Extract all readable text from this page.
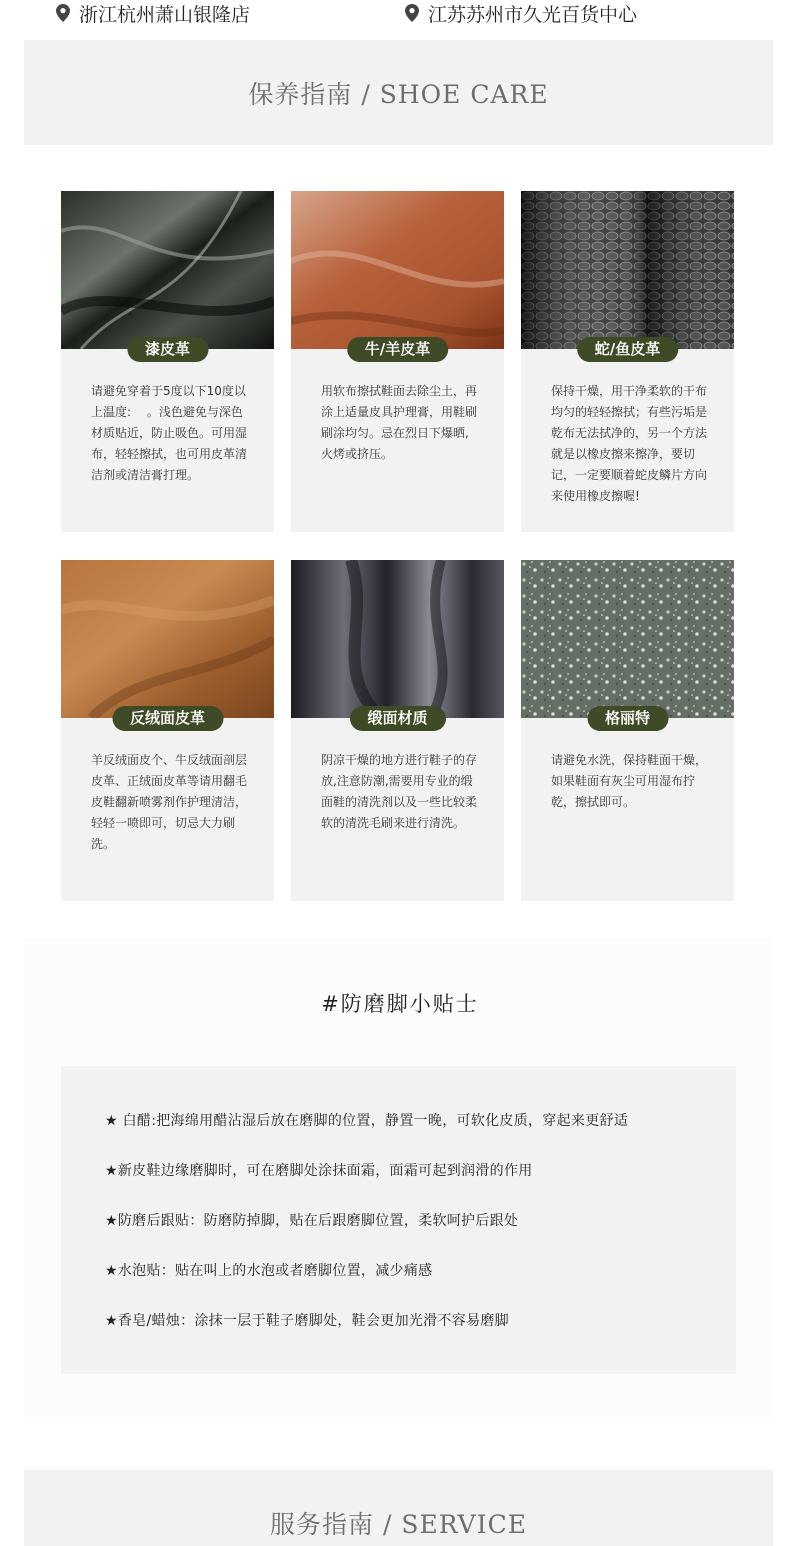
浙江杭州萧山银隆店	江苏苏州市久光百货中心
保养指南 / SHOE CARE
漆皮革
请避免穿着于5度以下10度以上温度:　 。浅色避免与深色材质贴近，防止吸色。可用湿布，轻轻擦拭，也可用皮革清洁剂或清洁膏打理。
牛/羊皮革
用软布擦拭鞋面去除尘土，再涂上适量皮具护理膏，用鞋刷刷涂均匀。忌在烈日下爆晒,火烤或挤压。
蛇/鱼皮革
保持干燥，用干净柔软的干布均匀的轻轻擦拭；有些污垢是乾布无法拭净的，另一个方法就是以橡皮擦来擦净，要切记，一定要顺着蛇皮鳞片方向来使用橡皮擦喔!
反绒面皮革
羊反绒面皮个、牛反绒面剖层皮革、正绒面皮革等请用翻毛皮鞋翻新喷雾剂作护理清洁，轻轻一喷即可，切忌大力刷洗。
缎面材质
阴凉干燥的地方进行鞋子的存放,注意防潮,需要用专业的缎面鞋的清洗剂以及一些比较柔软的清洗毛刷来进行清洗。
格丽特
请避免水洗，保持鞋面干燥，如果鞋面有灰尘可用湿布拧乾，擦拭即可。
#防磨脚小贴士
★ 白醋:把海绵用醋沾湿后放在磨脚的位置，静置一晚，可软化皮质，穿起来更舒适
★新皮鞋边缘磨脚时，可在磨脚处涂抹面霜，面霜可起到润滑的作用
★防磨后跟贴：防磨防掉脚，贴在后跟磨脚位置，柔软呵护后跟处
★水泡贴：贴在叫上的水泡或者磨脚位置，减少痛感
★香皂/蜡烛：涂抹一层于鞋子磨脚处，鞋会更加光滑不容易磨脚
服务指南 / SERVICE
